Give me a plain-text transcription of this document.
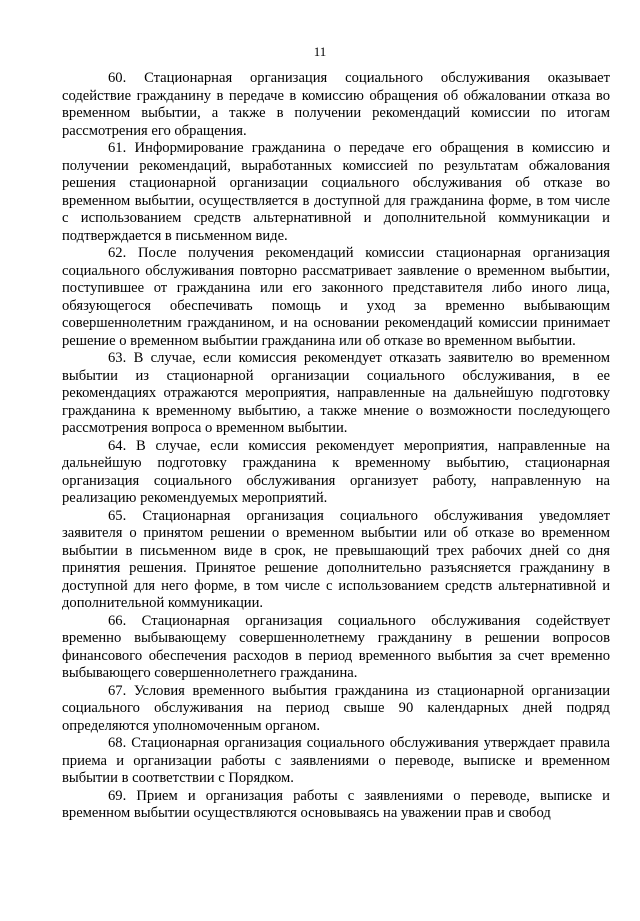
11

60. Стационарная организация социального обслуживания оказывает содействие гражданину в передаче в комиссию обращения об обжаловании отказа во временном выбытии, а также в получении рекомендаций комиссии по итогам рассмотрения его обращения.

61. Информирование гражданина о передаче его обращения в комиссию и получении рекомендаций, выработанных комиссией по результатам обжалования решения стационарной организации социального обслуживания об отказе во временном выбытии, осуществляется в доступной для гражданина форме, в том числе с использованием средств альтернативной и дополнительной коммуникации и подтверждается в письменном виде.

62. После получения рекомендаций комиссии стационарная организация социального обслуживания повторно рассматривает заявление о временном выбытии, поступившее от гражданина или его законного представителя либо иного лица, обязующегося обеспечивать помощь и уход за временно выбывающим совершеннолетним гражданином, и на основании рекомендаций комиссии принимает решение о временном выбытии гражданина или об отказе во временном выбытии.

63. В случае, если комиссия рекомендует отказать заявителю во временном выбытии из стационарной организации социального обслуживания, в ее рекомендациях отражаются мероприятия, направленные на дальнейшую подготовку гражданина к временному выбытию, а также мнение о возможности последующего рассмотрения вопроса о временном выбытии.

64. В случае, если комиссия рекомендует мероприятия, направленные на дальнейшую подготовку гражданина к временному выбытию, стационарная организация социального обслуживания организует работу, направленную на реализацию рекомендуемых мероприятий.

65. Стационарная организация социального обслуживания уведомляет заявителя о принятом решении о временном выбытии или об отказе во временном выбытии в письменном виде в срок, не превышающий трех рабочих дней со дня принятия решения. Принятое решение дополнительно разъясняется гражданину в доступной для него форме, в том числе с использованием средств альтернативной и дополнительной коммуникации.

66. Стационарная организация социального обслуживания содействует временно выбывающему совершеннолетнему гражданину в решении вопросов финансового обеспечения расходов в период временного выбытия за счет временно выбывающего совершеннолетнего гражданина.

67. Условия временного выбытия гражданина из стационарной организации социального обслуживания на период свыше 90 календарных дней подряд определяются уполномоченным органом.

68. Стационарная организация социального обслуживания утверждает правила приема и организации работы с заявлениями о переводе, выписке и временном выбытии в соответствии с Порядком.

69. Прием и организация работы с заявлениями о переводе, выписке и временном выбытии осуществляются основываясь на уважении прав и свобод
